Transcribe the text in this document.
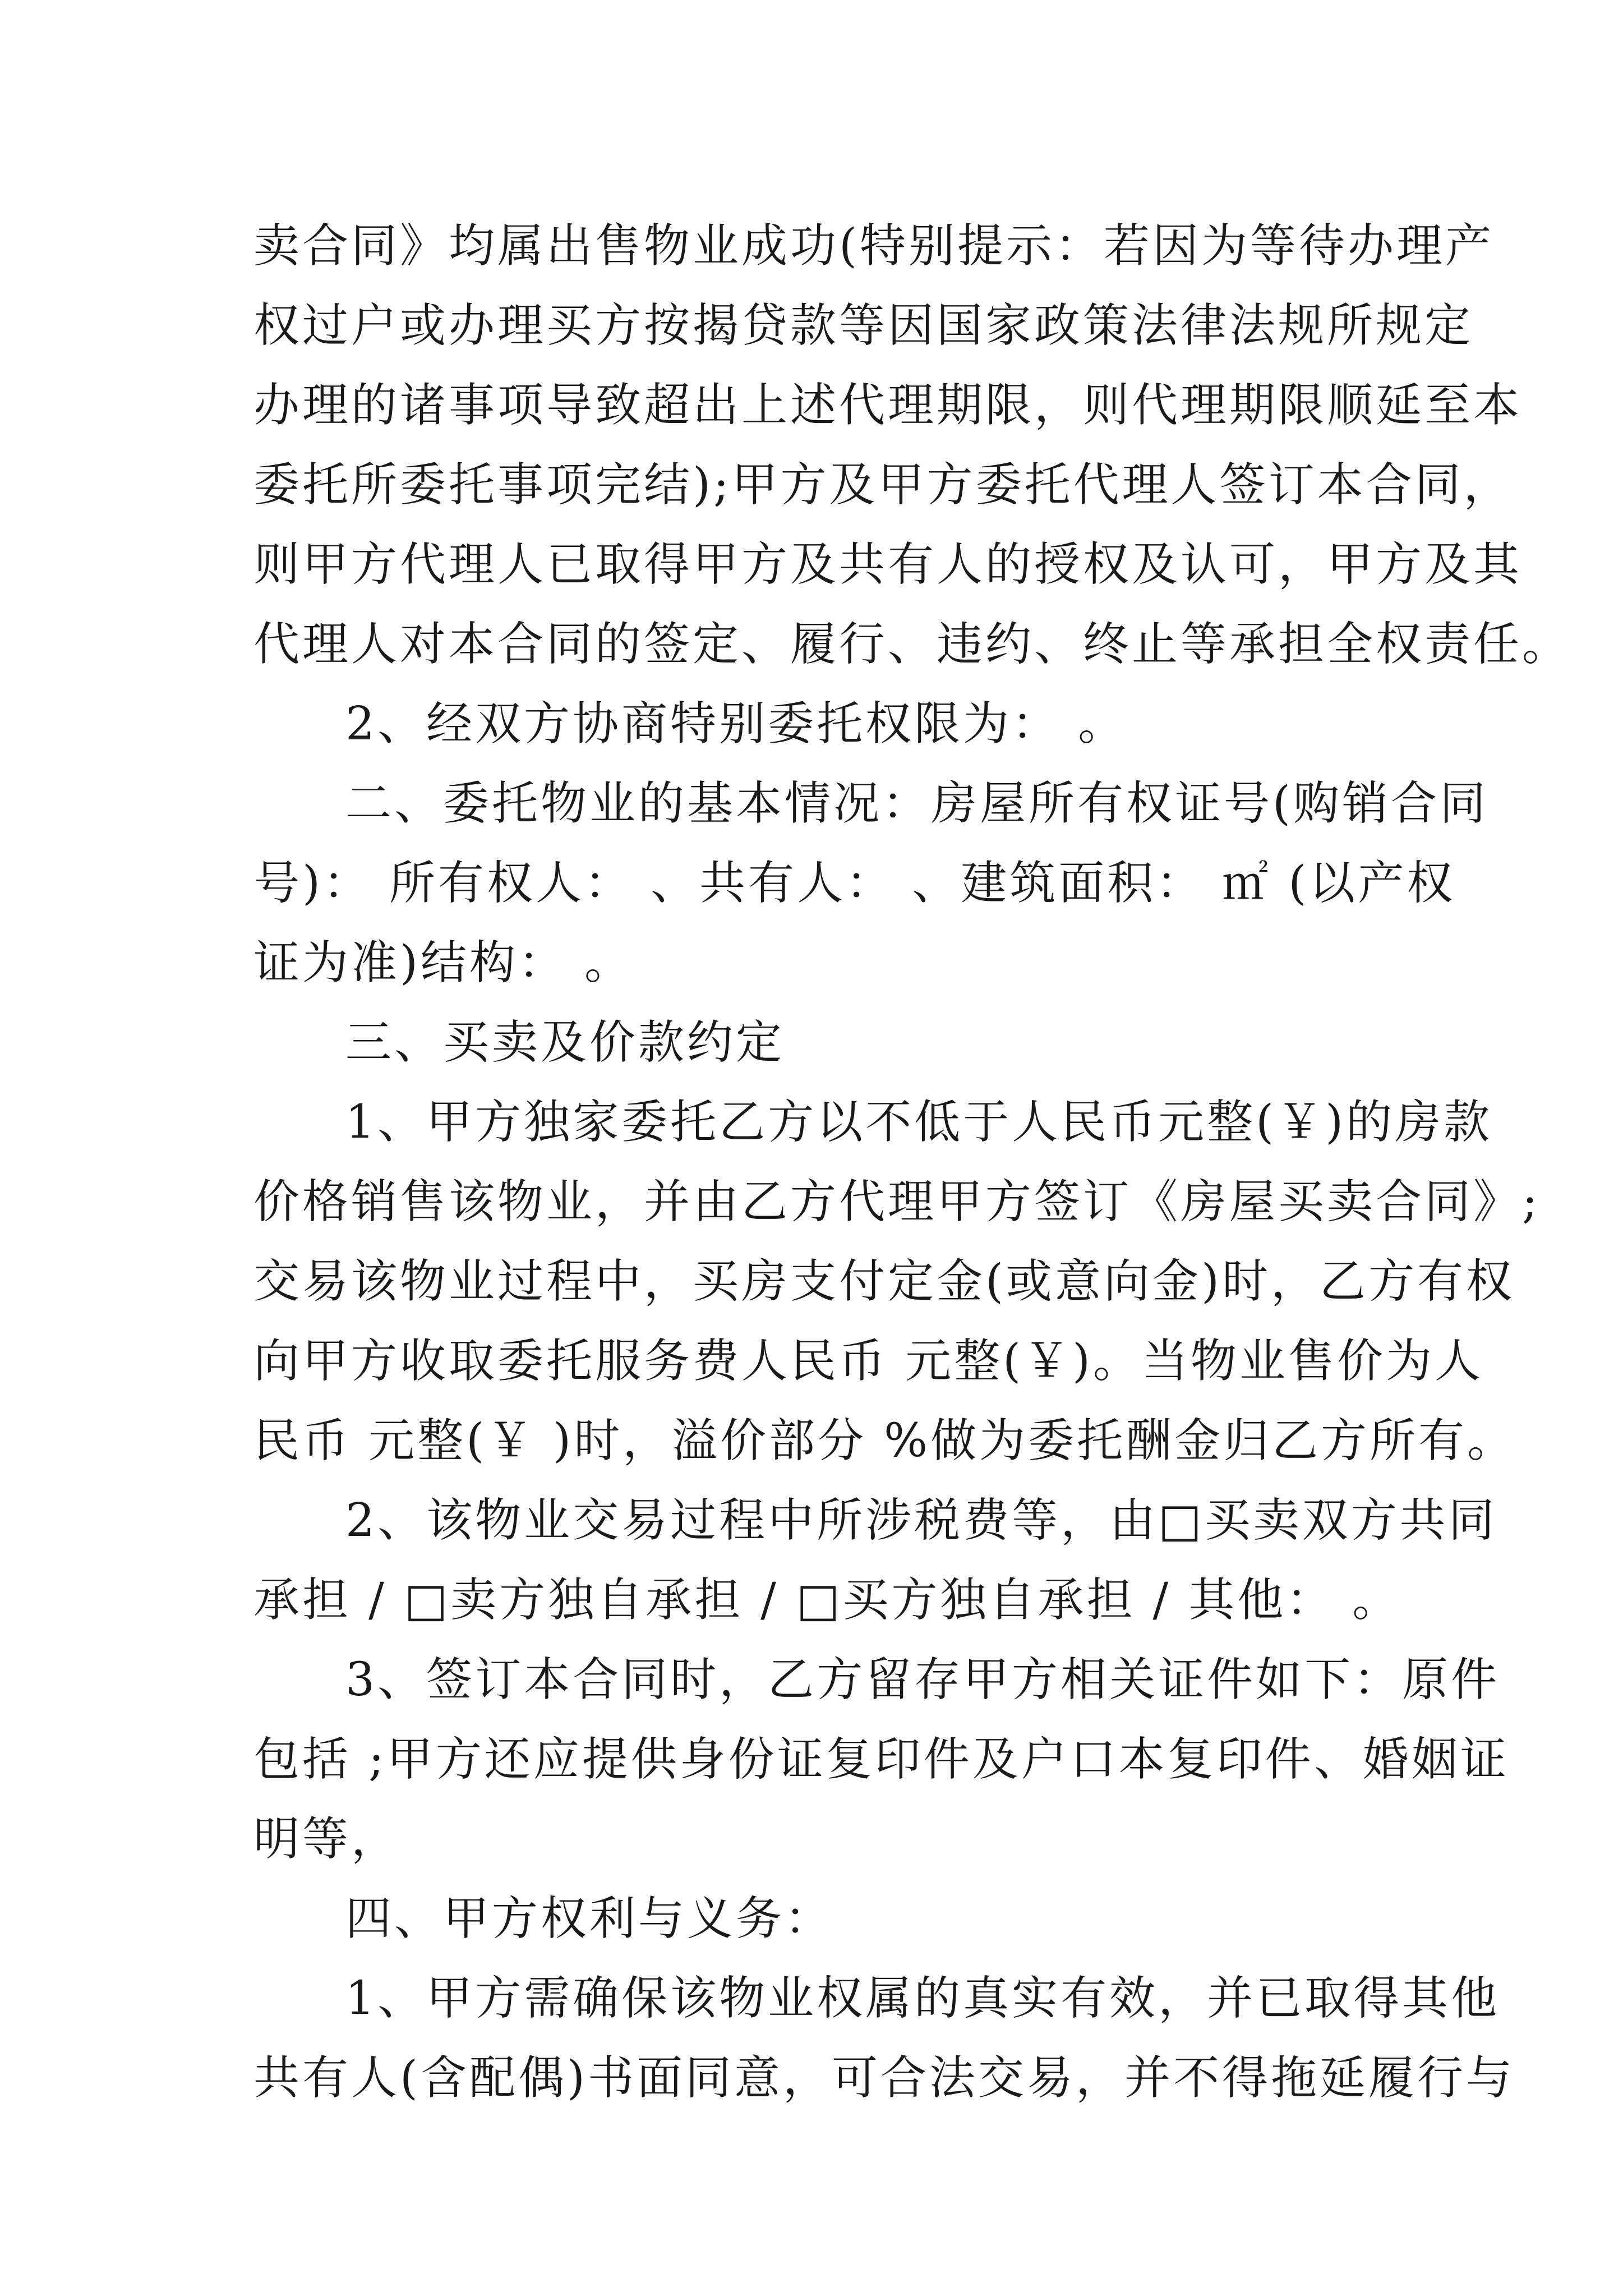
卖合同》均属出售物业成功(特别提示：若因为等待办理产
权过户或办理买方按揭贷款等因国家政策法律法规所规定
办理的诸事项导致超出上述代理期限，则代理期限顺延至本
委托所委托事项完结);甲方及甲方委托代理人签订本合同，
则甲方代理人已取得甲方及共有人的授权及认可，甲方及其
代理人对本合同的签定、履行、违约、终止等承担全权责任。

2、经双方协商特别委托权限为： 。

二、委托物业的基本情况：房屋所有权证号(购销合同
号)： 所有权人： 、共有人： 、建筑面积： ㎡ (以产权
证为准)结构： 。

三、买卖及价款约定

1、甲方独家委托乙方以不低于人民币元整(￥)的房款
价格销售该物业，并由乙方代理甲方签订《房屋买卖合同》;
交易该物业过程中，买房支付定金(或意向金)时，乙方有权
向甲方收取委托服务费人民币 元整(￥)。当物业售价为人
民币 元整(￥ )时，溢价部分 %做为委托酬金归乙方所有。

2、该物业交易过程中所涉税费等，由□买卖双方共同
承担 / □卖方独自承担 / □买方独自承担 / 其他： 。

3、签订本合同时，乙方留存甲方相关证件如下：原件
包括 ;甲方还应提供身份证复印件及户口本复印件、婚姻证
明等，

四、甲方权利与义务：

1、甲方需确保该物业权属的真实有效，并已取得其他
共有人(含配偶)书面同意，可合法交易，并不得拖延履行与
